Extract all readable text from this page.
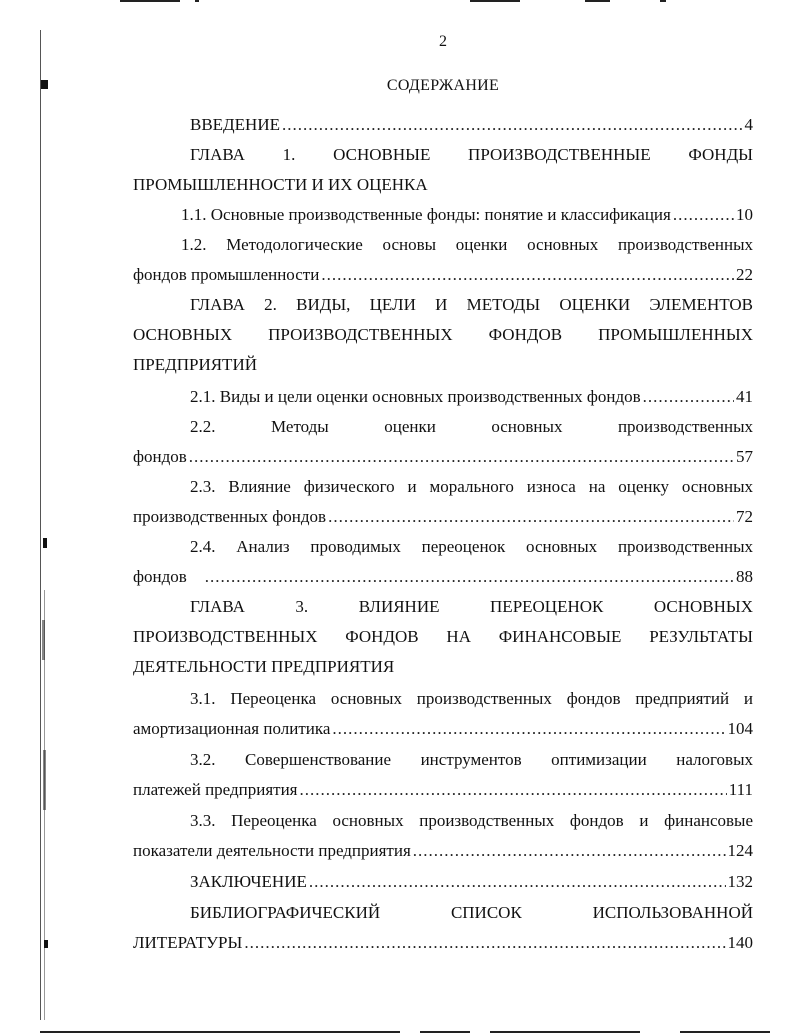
2
СОДЕРЖАНИЕ
ВВЕДЕНИЕ .....	4
ГЛАВА 1. ОСНОВНЫЕ ПРОИЗВОДСТВЕННЫЕ ФОНДЫ
ПРОМЫШЛЕННОСТИ И ИХ ОЦЕНКА
1.1. Основные производственные фонды: понятие и классификация .....	10
1.2. Методологические основы оценки основных производственных
фондов промышленности .....	22
ГЛАВА 2. ВИДЫ, ЦЕЛИ И МЕТОДЫ ОЦЕНКИ ЭЛЕМЕНТОВ
ОСНОВНЫХ ПРОИЗВОДСТВЕННЫХ ФОНДОВ ПРОМЫШЛЕННЫХ
ПРЕДПРИЯТИЙ
2.1. Виды и цели оценки основных производственных фондов .....	41
2.2. Методы оценки основных производственных
фондов .....	57
2.3. Влияние физического и морального износа на оценку основных
производственных фондов .....	72
2.4. Анализ проводимых переоценок основных производственных
фондов .....	88
ГЛАВА 3. ВЛИЯНИЕ ПЕРЕОЦЕНОК ОСНОВНЫХ
ПРОИЗВОДСТВЕННЫХ ФОНДОВ НА ФИНАНСОВЫЕ РЕЗУЛЬТАТЫ
ДЕЯТЕЛЬНОСТИ ПРЕДПРИЯТИЯ
3.1. Переоценка основных производственных фондов предприятий и
амортизационная политика .....	104
3.2. Совершенствование инструментов оптимизации налоговых
платежей предприятия .....	111
3.3. Переоценка основных производственных фондов и финансовые
показатели деятельности предприятия .....	124
ЗАКЛЮЧЕНИЕ .....	132
БИБЛИОГРАФИЧЕСКИЙ СПИСОК ИСПОЛЬЗОВАННОЙ
ЛИТЕРАТУРЫ .....	140
